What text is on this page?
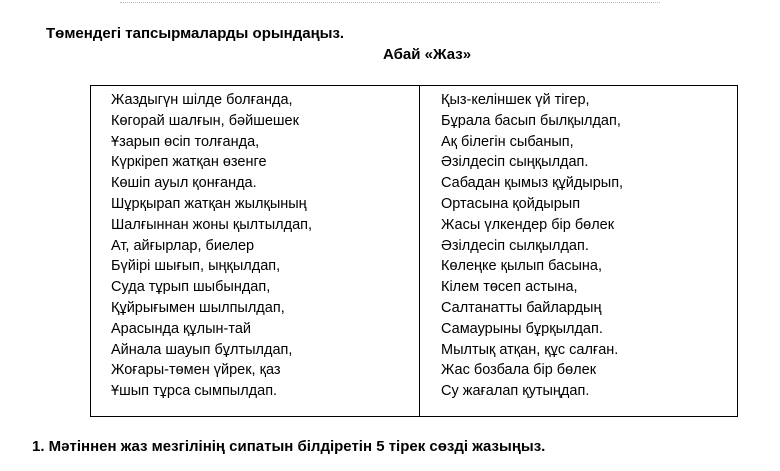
Төмендегі тапсырмаларды орындаңыз.
Абай «Жаз»
Жаздыгүн шілде болғанда,
Көгорай шалғын, бәйшешек
Ұзарып өсіп толғанда,
Күркіреп жатқан өзенге
Көшіп ауыл қонғанда.
Шұрқырап жатқан жылқының
Шалғыннан жоны қылтылдап,
Ат, айғырлар, биелер
Бүйірі шығып, ыңқылдап,
Суда тұрып шыбындап,
Құйрығымен шылпылдап,
Арасында құлын-тай
Айнала шауып бұлтылдап,
Жоғары-төмен үйрек, қаз
Ұшып тұрса сымпылдап.
Қыз-келіншек үй тігер,
Бұрала басып былқылдап,
Ақ білегін сыбанып,
Әзілдесіп сыңқылдап.
Сабадан қымыз құйдырып,
Ортасына қойдырып
Жасы үлкендер бір бөлек
Әзілдесіп сылқылдап.
Көлеңке қылып басына,
Кілем төсеп астына,
Салтанатты байлардың
Самаурыны бұрқылдап.
Мылтық атқан, құс салған.
Жас бозбала бір бөлек
Су жағалап қутыңдап.
1. Мәтіннен жаз мезгілінің сипатын білдіретін 5 тірек сөзді жазыңыз.
